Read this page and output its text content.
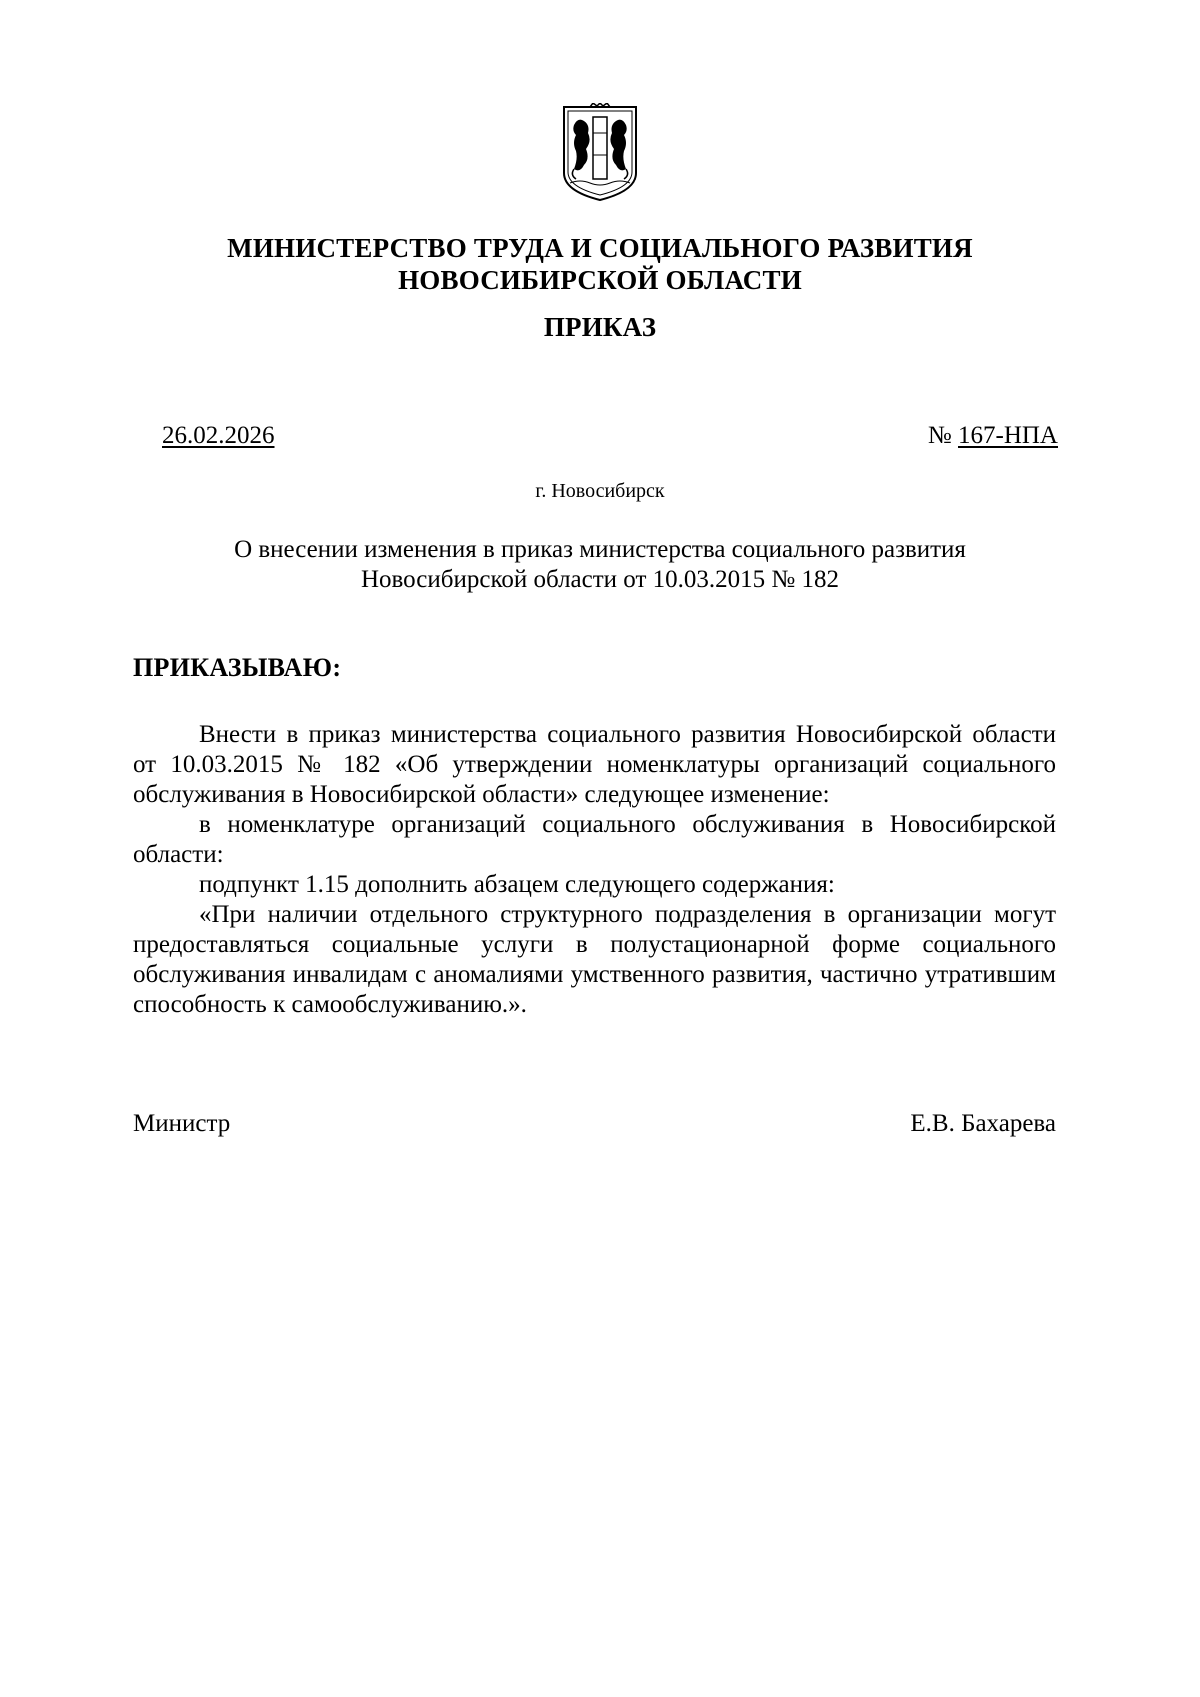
МИНИСТЕРСТВО ТРУДА И СОЦИАЛЬНОГО РАЗВИТИЯ
НОВОСИБИРСКОЙ ОБЛАСТИ
ПРИКАЗ
26.02.2026	№ 167-НПА
г. Новосибирск
О внесении изменения в приказ министерства социального развития
Новосибирской области от 10.03.2015 № 182
ПРИКАЗЫВАЮ:

Внести в приказ министерства социального развития Новосибирской области от 10.03.2015 № 182 «Об утверждении номенклатуры организаций социального обслуживания в Новосибирской области» следующее изменение:

в номенклатуре организаций социального обслуживания в Новосибирской области:

подпункт 1.15 дополнить абзацем следующего содержания:

«При наличии отдельного структурного подразделения в организации могут предоставляться социальные услуги в полустационарной форме социального обслуживания инвалидам с аномалиями умственного развития, частично утратившим способность к самообслуживанию.».

Министр	Е.В. Бахарева
